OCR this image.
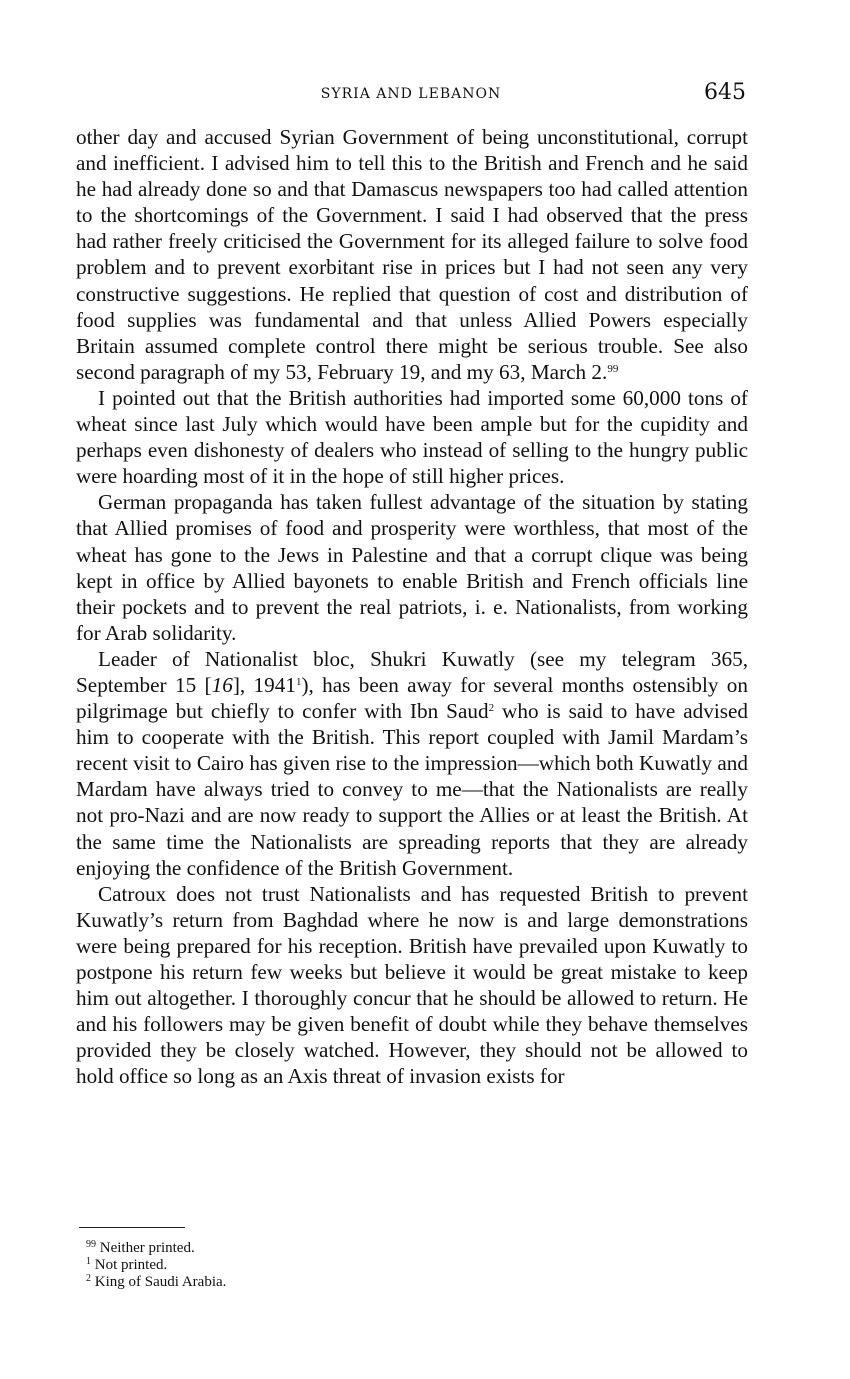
SYRIA AND LEBANON	645

other day and accused Syrian Government of being unconstitutional, corrupt and inefficient. I advised him to tell this to the British and French and he said he had already done so and that Damascus newspapers too had called attention to the shortcomings of the Government. I said I had observed that the press had rather freely criticised the Government for its alleged failure to solve food problem and to prevent exorbitant rise in prices but I had not seen any very constructive suggestions. He replied that question of cost and distribution of food supplies was fundamental and that unless Allied Powers especially Britain assumed complete control there might be serious trouble. See also second paragraph of my 53, February 19, and my 63, March 2.99

I pointed out that the British authorities had imported some 60,000 tons of wheat since last July which would have been ample but for the cupidity and perhaps even dishonesty of dealers who instead of selling to the hungry public were hoarding most of it in the hope of still higher prices.

German propaganda has taken fullest advantage of the situation by stating that Allied promises of food and prosperity were worthless, that most of the wheat has gone to the Jews in Palestine and that a corrupt clique was being kept in office by Allied bayonets to enable British and French officials line their pockets and to prevent the real patriots, i. e. Nationalists, from working for Arab solidarity.

Leader of Nationalist bloc, Shukri Kuwatly (see my telegram 365, September 15 [16], 1941$^1$), has been away for several months ostensibly on pilgrimage but chiefly to confer with Ibn Saud$^2$ who is said to have advised him to cooperate with the British. This report coupled with Jamil Mardam’s recent visit to Cairo has given rise to the impression—which both Kuwatly and Mardam have always tried to convey to me—that the Nationalists are really not pro-Nazi and are now ready to support the Allies or at least the British. At the same time the Nationalists are spreading reports that they are already enjoying the confidence of the British Government.

Catroux does not trust Nationalists and has requested British to prevent Kuwatly’s return from Baghdad where he now is and large demonstrations were being prepared for his reception. British have prevailed upon Kuwatly to postpone his return few weeks but believe it would be great mistake to keep him out altogether. I thoroughly concur that he should be allowed to return. He and his followers may be given benefit of doubt while they behave themselves provided they be closely watched. However, they should not be allowed to hold office so long as an Axis threat of invasion exists for

$^{99}$ Neither printed.
$^1$ Not printed.
$^2$ King of Saudi Arabia.
